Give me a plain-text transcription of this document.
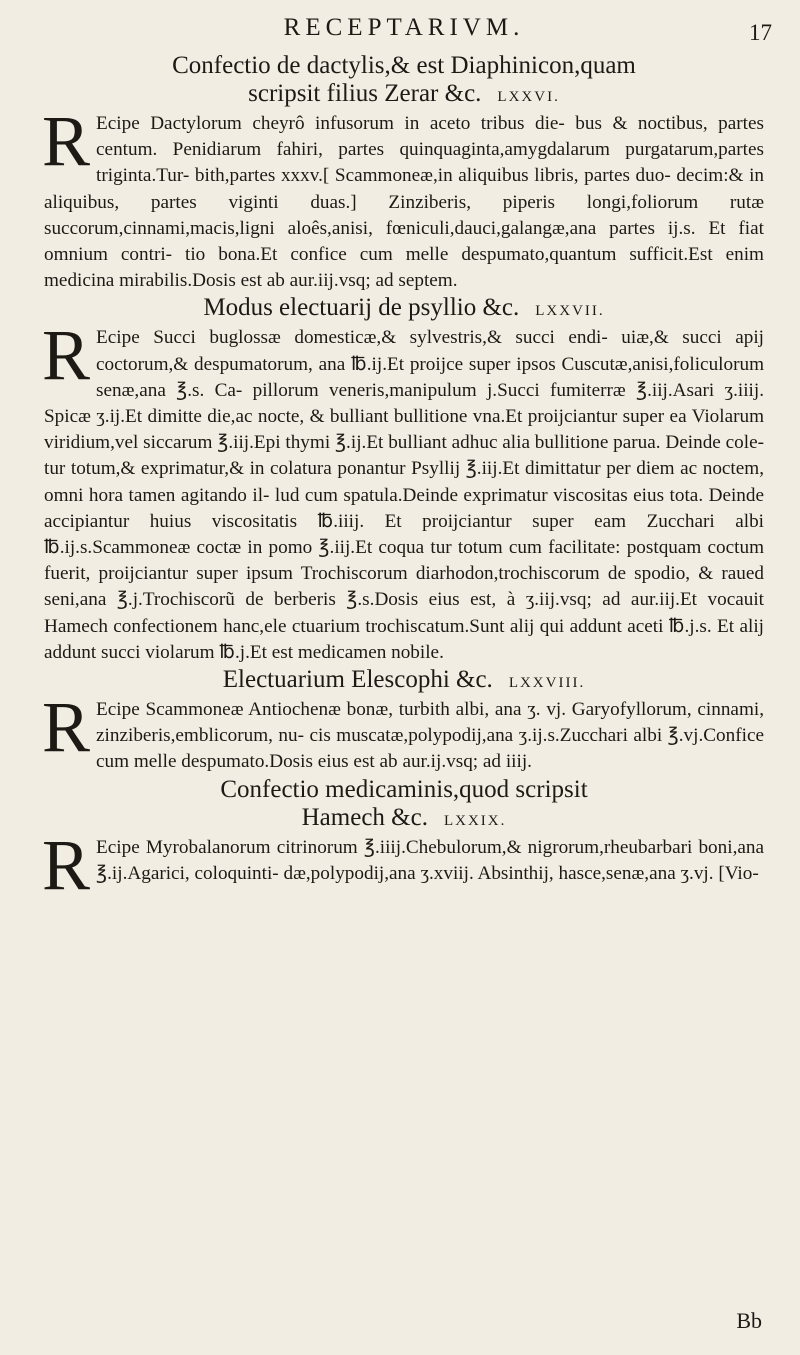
RECEPTARIVM.	17
Confectio de dactylis,& est Diaphinicon,quam
scripsit filius Zerar &c. LXXVI.

R Ecipe Dactylorum cheyrô infusorum in aceto tribus die- bus & noctibus, partes centum. Penidiarum fahiri, partes quinquaginta,amygdalarum purgatarum,partes triginta.Tur- bith,partes xxxv.[ Scammoneæ,in aliquibus libris, partes duo- decim:& in aliquibus, partes viginti duas.] Zinziberis, piperis longi,foliorum rutæ succorum,cinnami,macis,ligni aloês,anisi, fœniculi,dauci,galangæ,ana partes ij.s. Et fiat omnium contri- tio bona.Et confice cum melle despumato,quantum sufficit.Est enim medicina mirabilis.Dosis est ab aur.iij.vsq; ad septem.

Modus electuarij de psyllio &c. LXXVII.

R Ecipe Succi buglossæ domesticæ,& sylvestris,& succi endi- uiæ,& succi apij coctorum,& despumatorum, ana ℔.ij.Et proijce super ipsos Cuscutæ,anisi,foliculorum senæ,ana ℥.s. Ca- pillorum veneris,manipulum j.Succi fumiterræ ℥.iij.Asari ʒ.iiij. Spicæ ʒ.ij.Et dimitte die,ac nocte, & bulliant bullitione vna.Et proijciantur super ea Violarum viridium,vel siccarum ℥.iij.Epi thymi ℥.ij.Et bulliant adhuc alia bullitione parua. Deinde cole- tur totum,& exprimatur,& in colatura ponantur Psyllij ℥.iij.Et dimittatur per diem ac noctem, omni hora tamen agitando il- lud cum spatula.Deinde exprimatur viscositas eius tota. Deinde accipiantur huius viscositatis ℔.iiij. Et proijciantur super eam Zucchari albi ℔.ij.s.Scammoneæ coctæ in pomo ℥.iij.Et coqua tur totum cum facilitate: postquam coctum fuerit, proijciantur super ipsum Trochiscorum diarhodon,trochiscorum de spodio, & raued seni,ana ℥.j.Trochiscorũ de berberis ℥.s.Dosis eius est, à ʒ.iij.vsq; ad aur.iij.Et vocauit Hamech confectionem hanc,ele ctuarium trochiscatum.Sunt alij qui addunt aceti ℔.j.s. Et alij addunt succi violarum ℔.j.Et est medicamen nobile.

Electuarium Elescophi &c. LXXVIII.

R Ecipe Scammoneæ Antiochenæ bonæ, turbith albi, ana ʒ. vj. Garyofyllorum, cinnami, zinziberis,emblicorum, nu- cis muscatæ,polypodij,ana ʒ.ij.s.Zucchari albi ℥.vj.Confice cum melle despumato.Dosis eius est ab aur.ij.vsq; ad iiij.

Confectio medicaminis,quod scripsit
Hamech &c. LXXIX.

R Ecipe Myrobalanorum citrinorum ℥.iiij.Chebulorum,& nigrorum,rheubarbari boni,ana ℥.ij.Agarici, coloquinti- dæ,polypodij,ana ʒ.xviij. Absinthij, hasce,senæ,ana ʒ.vj. [Vio-

Bb
